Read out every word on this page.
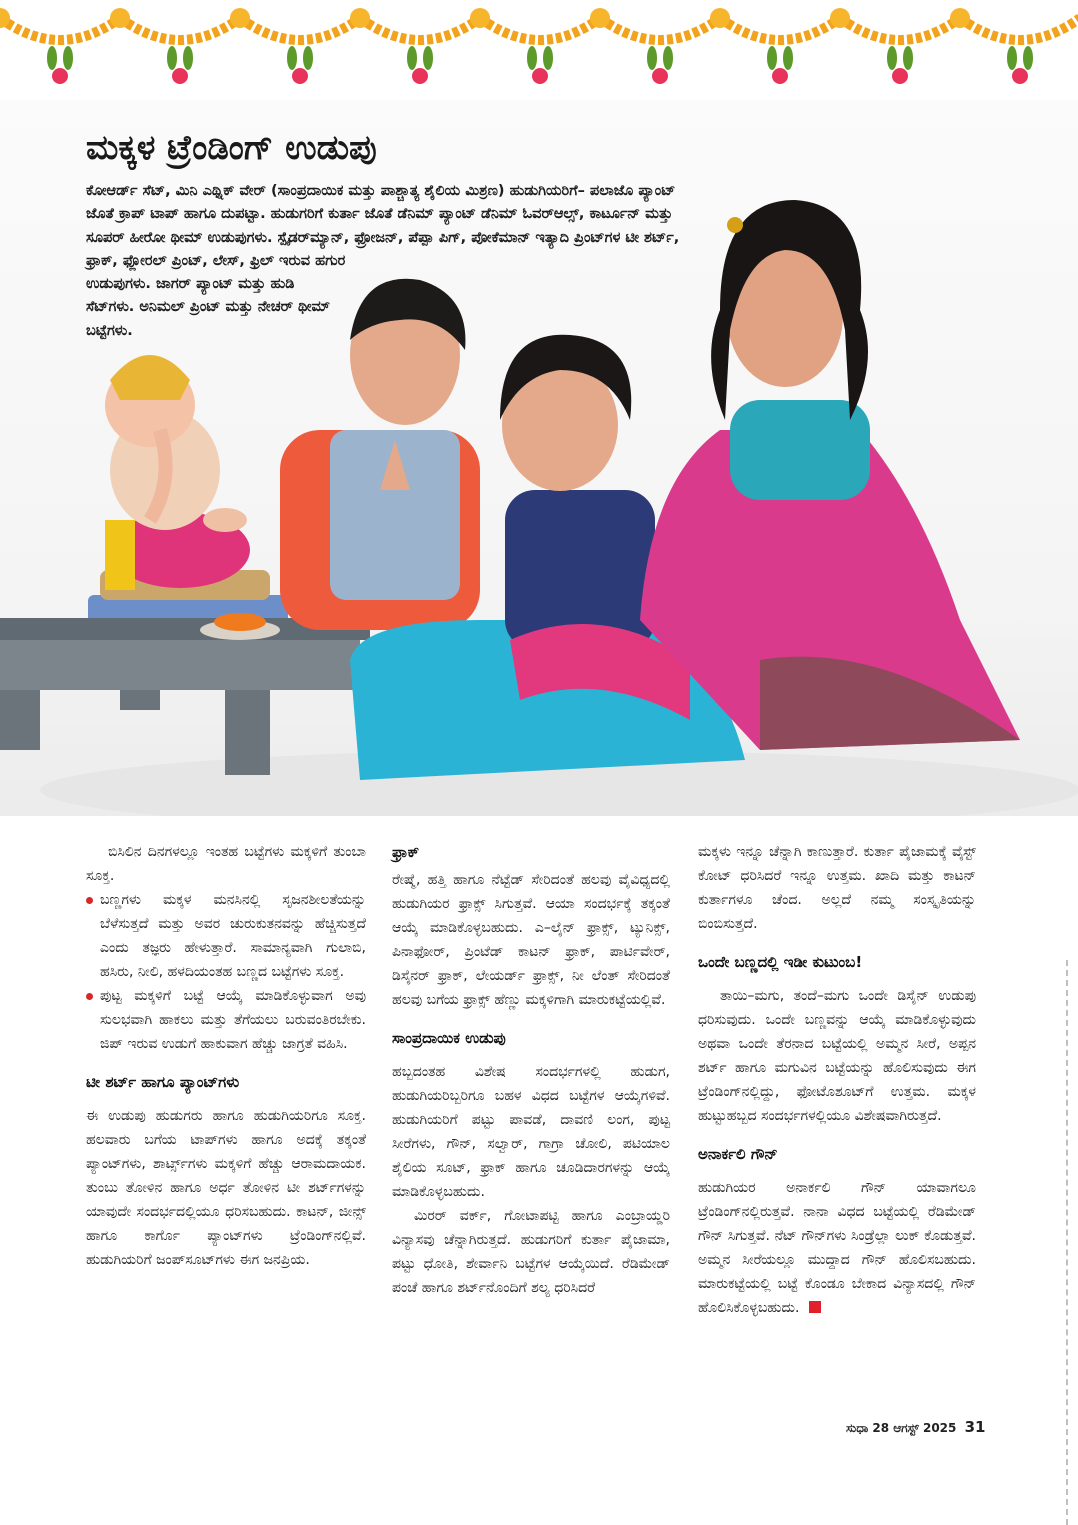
ಮಕ್ಕಳ ಟ್ರೆಂಡಿಂಗ್ ಉಡುಪು

ಕೋಆರ್ಡ್ ಸೆಟ್, ಮಿನಿ ಎಥ್ನಿಕ್ ವೇರ್ (ಸಾಂಪ್ರದಾಯಿಕ ಮತ್ತು ಪಾಶ್ಚಾತ್ಯ ಶೈಲಿಯ ಮಿಶ್ರಣ) ಹುಡುಗಿಯರಿಗೆ– ಪಲಾಜೊ ಪ್ಯಾಂಟ್ ಜೊತೆ ಕ್ರಾಪ್ ಟಾಪ್ ಹಾಗೂ ದುಪಟ್ಟಾ. ಹುಡುಗರಿಗೆ ಕುರ್ತಾ ಜೊತೆ ಡೆನಿಮ್ ಪ್ಯಾಂಟ್ ಡೆನಿಮ್ ಓವರ್‌ಆಲ್ಸ್, ಕಾರ್ಟೂನ್ ಮತ್ತು ಸೂಪರ್ ಹೀರೋ ಥೀಮ್ ಉಡುಪುಗಳು. ಸ್ಪೈಡರ್‌ಮ್ಯಾನ್, ಫ್ರೋಜನ್, ಪೆಪ್ಪಾ ಪಿಗ್, ಪೋಕೆಮಾನ್ ಇತ್ಯಾದಿ ಪ್ರಿಂಟ್‌ಗಳ ಟೀ ಶರ್ಟ್, ಫ್ರಾಕ್, ಫ್ಲೋರಲ್ ಪ್ರಿಂಟ್, ಲೇಸ್, ಫ್ರಿಲ್ ಇರುವ ಹಗುರ
ಉಡುಪುಗಳು. ಜಾಗರ್ ಪ್ಯಾಂಟ್ ಮತ್ತು ಹುಡಿ ಸೆಟ್‌ಗಳು. ಅನಿಮಲ್ ಪ್ರಿಂಟ್ ಮತ್ತು ನೇಚರ್ ಥೀಮ್ ಬಟ್ಟೆಗಳು.

ಬಿಸಿಲಿನ ದಿನಗಳಲ್ಲೂ ಇಂತಹ ಬಟ್ಟೆಗಳು ಮಕ್ಕಳಿಗೆ ತುಂಬಾ ಸೂಕ್ತ.

ಬಣ್ಣಗಳು ಮಕ್ಕಳ ಮನಸಿನಲ್ಲಿ ಸೃಜನಶೀಲತೆಯನ್ನು ಬೆಳೆಸುತ್ತದೆ ಮತ್ತು ಅವರ ಚುರುಕುತನವನ್ನು ಹೆಚ್ಚಿಸುತ್ತದೆ ಎಂದು ತಜ್ಞರು ಹೇಳುತ್ತಾರೆ. ಸಾಮಾನ್ಯವಾಗಿ ಗುಲಾಬಿ, ಹಸಿರು, ನೀಲಿ, ಹಳದಿಯಂತಹ ಬಣ್ಣದ ಬಟ್ಟೆಗಳು ಸೂಕ್ತ.

ಪುಟ್ಟ ಮಕ್ಕಳಿಗೆ ಬಟ್ಟೆ ಆಯ್ಕೆ ಮಾಡಿಕೊಳ್ಳುವಾಗ ಅವು ಸುಲಭವಾಗಿ ಹಾಕಲು ಮತ್ತು ತೆಗೆಯಲು ಬರುವಂತಿರಬೇಕು. ಜಿಪ್ ಇರುವ ಉಡುಗೆ ಹಾಕುವಾಗ ಹೆಚ್ಚು ಜಾಗ್ರತೆ ವಹಿಸಿ.

ಟೀ ಶರ್ಟ್ ಹಾಗೂ ಪ್ಯಾಂಟ್‌ಗಳು

ಈ ಉಡುಪು ಹುಡುಗರು ಹಾಗೂ ಹುಡುಗಿಯರಿಗೂ ಸೂಕ್ತ. ಹಲವಾರು ಬಗೆಯ ಟಾಪ್‌ಗಳು ಹಾಗೂ ಅದಕ್ಕೆ ತಕ್ಕಂತೆ ಪ್ಯಾಂಟ್‌ಗಳು, ಶಾರ್ಟ್ಸ್‌ಗಳು ಮಕ್ಕಳಿಗೆ ಹೆಚ್ಚು ಆರಾಮದಾಯಕ. ತುಂಬು ತೋಳಿನ ಹಾಗೂ ಅರ್ಧ ತೋಳಿನ ಟೀ ಶರ್ಟ್‌ಗಳನ್ನು ಯಾವುದೇ ಸಂದರ್ಭದಲ್ಲಿಯೂ ಧರಿಸಬಹುದು. ಕಾಟನ್, ಜೀನ್ಸ್ ಹಾಗೂ ಕಾರ್ಗೊ ಪ್ಯಾಂಟ್‌ಗಳು ಟ್ರೆಂಡಿಂಗ್‌ನಲ್ಲಿವೆ. ಹುಡುಗಿಯರಿಗೆ ಜಂಪ್‌ಸೂಟ್‌ಗಳು ಈಗ ಜನಪ್ರಿಯ.

ಫ್ರಾಕ್

ರೇಷ್ಮೆ, ಹತ್ತಿ ಹಾಗೂ ನೆಟ್ಟೆಡ್ ಸೇರಿದಂತೆ ಹಲವು ವೈವಿಧ್ಯದಲ್ಲಿ ಹುಡುಗಿಯರ ಫ್ರಾಕ್ಸ್ ಸಿಗುತ್ತವೆ. ಆಯಾ ಸಂದರ್ಭಕ್ಕೆ ತಕ್ಕಂತೆ ಆಯ್ಕೆ ಮಾಡಿಕೊಳ್ಳಬಹುದು. ಎ–ಲೈನ್ ಫ್ರಾಕ್ಸ್, ಟ್ಯುನಿಕ್ಸ್, ಪಿನಾಫೋರ್, ಪ್ರಿಂಟೆಡ್ ಕಾಟನ್ ಫ್ರಾಕ್, ಪಾರ್ಟಿವೇರ್, ಡಿಸೈನರ್ ಫ್ರಾಕ್, ಲೇಯರ್ಡ್ ಫ್ರಾಕ್ಸ್, ನೀ ಲೆಂತ್ ಸೇರಿದಂತೆ ಹಲವು ಬಗೆಯ ಫ್ರಾಕ್ಸ್ ಹೆಣ್ಣು ಮಕ್ಕಳಿಗಾಗಿ ಮಾರುಕಟ್ಟೆಯಲ್ಲಿವೆ.

ಸಾಂಪ್ರದಾಯಿಕ ಉಡುಪು

ಹಬ್ಬದಂತಹ ವಿಶೇಷ ಸಂದರ್ಭಗಳಲ್ಲಿ ಹುಡುಗ, ಹುಡುಗಿಯರಿಬ್ಬರಿಗೂ ಬಹಳ ವಿಧದ ಬಟ್ಟೆಗಳ ಆಯ್ಕೆಗಳಿವೆ. ಹುಡುಗಿಯರಿಗೆ ಪಟ್ಟು ಪಾವಡೆ, ದಾವಣಿ ಲಂಗ, ಪುಟ್ಟ ಸೀರೆಗಳು, ಗೌನ್, ಸಲ್ವಾರ್, ಗಾಗ್ರಾ ಚೋಲಿ, ಪಟಿಯಾಲ ಶೈಲಿಯ ಸೂಟ್, ಫ್ರಾಕ್ ಹಾಗೂ ಚೂಡಿದಾರಗಳನ್ನು ಆಯ್ಕೆ ಮಾಡಿಕೊಳ್ಳಬಹುದು.

ಮಿರರ್ ವರ್ಕ್, ಗೋಟಾಪಟ್ಟಿ ಹಾಗೂ ಎಂಬ್ರಾಯ್ಡರಿ ವಿನ್ಯಾಸವು ಚೆನ್ನಾಗಿರುತ್ತದೆ. ಹುಡುಗರಿಗೆ ಕುರ್ತಾ ಪೈಜಾಮಾ, ಪಟ್ಟು ಧೋತಿ, ಶೇರ್ವಾನಿ ಬಟ್ಟೆಗಳ ಆಯ್ಕೆಯಿದೆ. ರೆಡಿಮೇಡ್ ಪಂಚೆ ಹಾಗೂ ಶರ್ಟ್‌ನೊಂದಿಗೆ ಶಲ್ಯ ಧರಿಸಿದರೆ

ಮಕ್ಕಳು ಇನ್ನೂ ಚೆನ್ನಾಗಿ ಕಾಣುತ್ತಾರೆ. ಕುರ್ತಾ ಪೈಜಾಮಕ್ಕೆ ವೈಸ್ಟ್ ಕೋಟ್ ಧರಿಸಿದರೆ ಇನ್ನೂ ಉತ್ತಮ. ಖಾದಿ ಮತ್ತು ಕಾಟನ್ ಕುರ್ತಾಗಳೂ ಚೆಂದ. ಅಲ್ಲದೆ ನಮ್ಮ ಸಂಸ್ಕೃತಿಯನ್ನು ಬಿಂಬಿಸುತ್ತದೆ.

ಒಂದೇ ಬಣ್ಣದಲ್ಲಿ ಇಡೀ ಕುಟುಂಬ!

ತಾಯಿ–ಮಗು, ತಂದೆ–ಮಗು ಒಂದೇ ಡಿಸೈನ್ ಉಡುಪು ಧರಿಸುವುದು. ಒಂದೇ ಬಣ್ಣವನ್ನು ಆಯ್ಕೆ ಮಾಡಿಕೊಳ್ಳುವುದು ಅಥವಾ ಒಂದೇ ತೆರನಾದ ಬಟ್ಟೆಯಲ್ಲಿ ಅಮ್ಮನ ಸೀರೆ, ಅಪ್ಪನ ಶರ್ಟ್ ಹಾಗೂ ಮಗುವಿನ ಬಟ್ಟೆಯನ್ನು ಹೊಲಿಸುವುದು ಈಗ ಟ್ರೆಂಡಿಂಗ್‌ನಲ್ಲಿದ್ದು, ಫೋಟೊಶೂಟ್‌ಗೆ ಉತ್ತಮ. ಮಕ್ಕಳ ಹುಟ್ಟುಹಬ್ಬದ ಸಂದರ್ಭಗಳಲ್ಲಿಯೂ ವಿಶೇಷವಾಗಿರುತ್ತದೆ.

ಅನಾರ್ಕಲಿ ಗೌನ್

ಹುಡುಗಿಯರ ಅನಾರ್ಕಲಿ ಗೌನ್ ಯಾವಾಗಲೂ ಟ್ರೆಂಡಿಂಗ್‌ನಲ್ಲಿರುತ್ತವೆ. ನಾನಾ ವಿಧದ ಬಟ್ಟೆಯಲ್ಲಿ ರೆಡಿಮೇಡ್ ಗೌನ್ ಸಿಗುತ್ತವೆ. ನೆಟ್ ಗೌನ್‌ಗಳು ಸಿಂಡ್ರೆಲ್ಲಾ ಲುಕ್ ಕೊಡುತ್ತವೆ. ಅಮ್ಮನ ಸೀರೆಯಲ್ಲೂ ಮುದ್ದಾದ ಗೌನ್ ಹೊಲಿಸಬಹುದು. ಮಾರುಕಟ್ಟೆಯಲ್ಲಿ ಬಟ್ಟೆ ಕೊಂಡೂ ಬೇಕಾದ ವಿನ್ಯಾಸದಲ್ಲಿ ಗೌನ್ ಹೊಲಿಸಿಕೊಳ್ಳಬಹುದು.

ಸುಧಾ 28 ಆಗಸ್ಟ್ 2025 31
